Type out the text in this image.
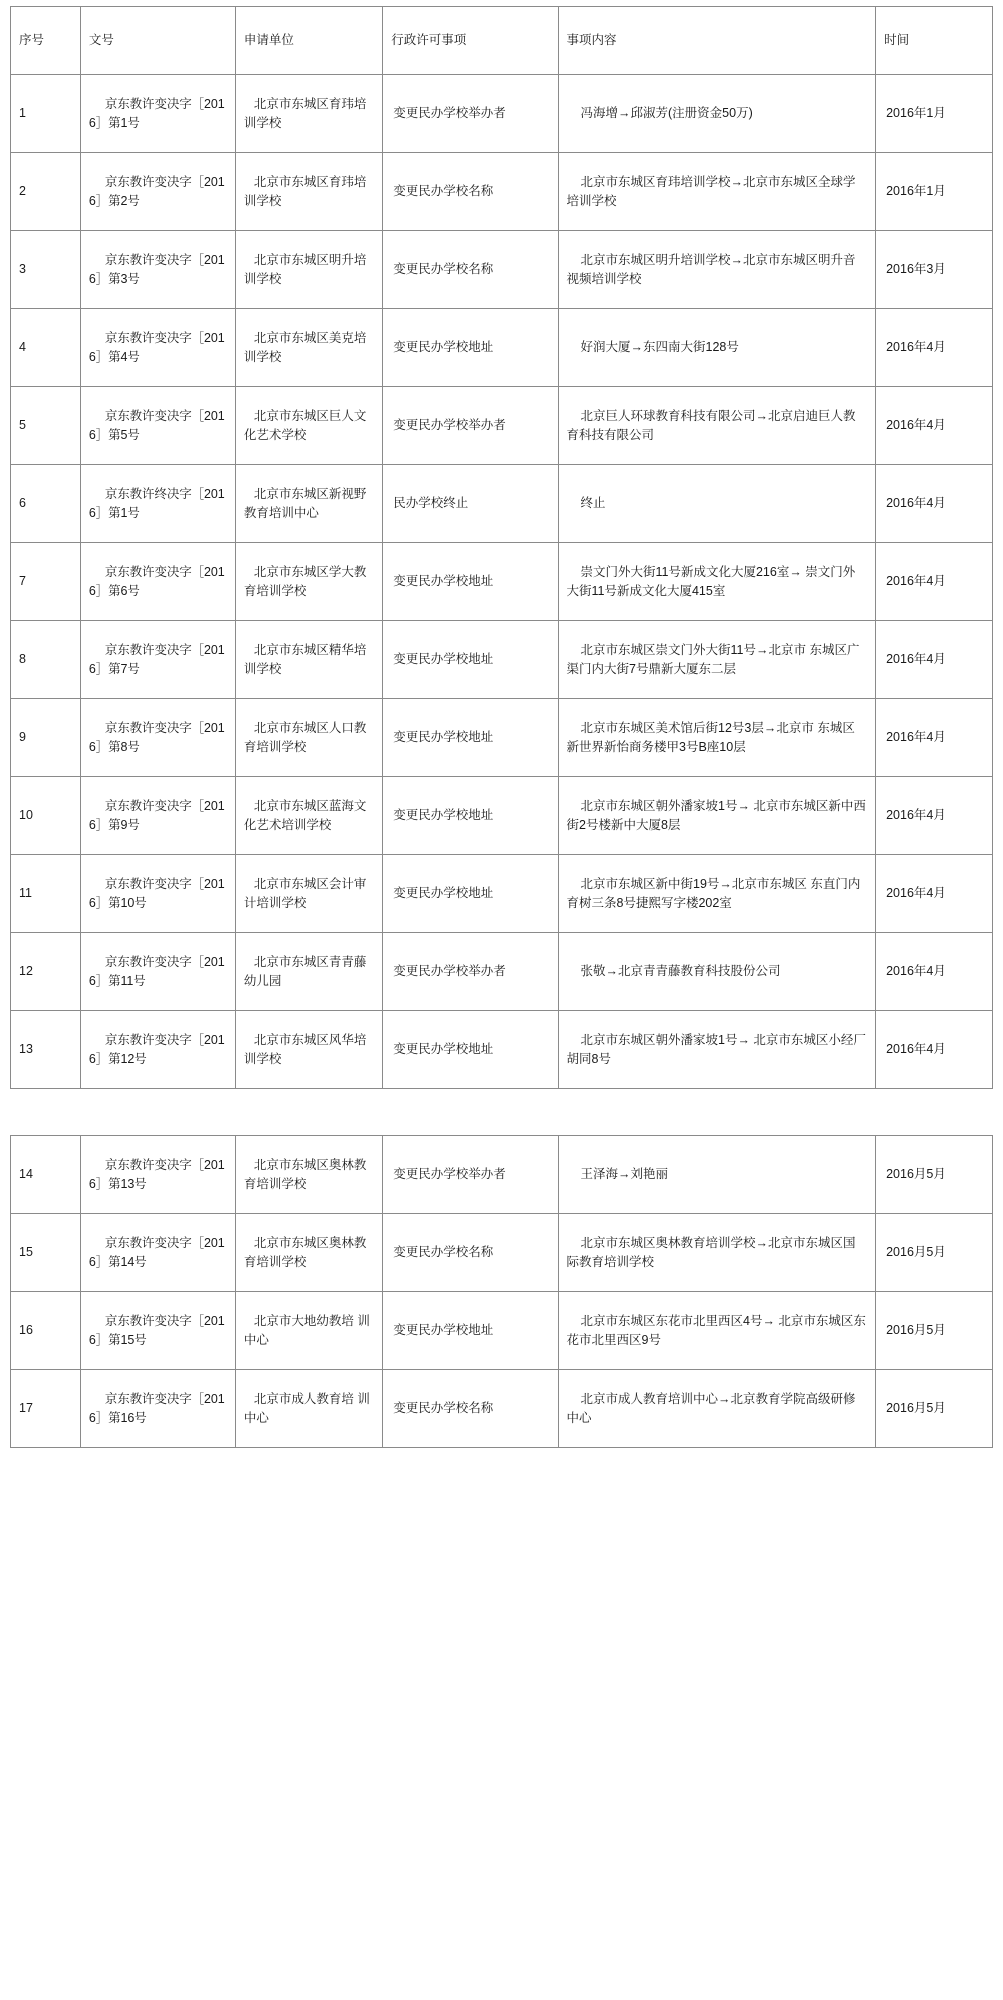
序号	文号	申请单位	行政许可事项	事项内容	时间
1	京东教许变决字［2016］第1号	北京市东城区育玮培训学校	变更民办学校举办者	冯海增→邱淑芳(注册资金50万)	2016年1月
2	京东教许变决字［2016］第2号	北京市东城区育玮培训学校	变更民办学校名称	北京市东城区育玮培训学校→北京市东城区全球学培训学校	2016年1月
3	京东教许变决字［2016］第3号	北京市东城区明升培训学校	变更民办学校名称	北京市东城区明升培训学校→北京市东城区明升音视频培训学校	2016年3月
4	京东教许变决字［2016］第4号	北京市东城区美克培训学校	变更民办学校地址	好润大厦→东四南大街128号	2016年4月
5	京东教许变决字［2016］第5号	北京市东城区巨人文化艺术学校	变更民办学校举办者	北京巨人环球教育科技有限公司→北京启迪巨人教育科技有限公司	2016年4月
6	京东教许终决字［2016］第1号	北京市东城区新视野教育培训中心	民办学校终止	终止	2016年4月
7	京东教许变决字［2016］第6号	北京市东城区学大教育培训学校	变更民办学校地址	崇文门外大街11号新成文化大厦216室→ 崇文门外大街11号新成文化大厦415室	2016年4月
8	京东教许变决字［2016］第7号	北京市东城区精华培训学校	变更民办学校地址	北京市东城区崇文门外大街11号→北京市 东城区广渠门内大街7号鼎新大厦东二层	2016年4月
9	京东教许变决字［2016］第8号	北京市东城区人口教育培训学校	变更民办学校地址	北京市东城区美术馆后街12号3层→北京市 东城区新世界新怡商务楼甲3号B座10层	2016年4月
10	京东教许变决字［2016］第9号	北京市东城区蓝海文化艺术培训学校	变更民办学校地址	北京市东城区朝外潘家坡1号→ 北京市东城区新中西街2号楼新中大厦8层	2016年4月
11	京东教许变决字［2016］第10号	北京市东城区会计审计培训学校	变更民办学校地址	北京市东城区新中街19号→北京市东城区 东直门内育树三条8号捷熙写字楼202室	2016年4月
12	京东教许变决字［2016］第11号	北京市东城区青青藤幼儿园	变更民办学校举办者	张敬→北京青青藤教育科技股份公司	2016年4月
13	京东教许变决字［2016］第12号	北京市东城区风华培训学校	变更民办学校地址	北京市东城区朝外潘家坡1号→ 北京市东城区小经厂胡同8号	2016年4月
14	京东教许变决字［2016］第13号	北京市东城区奥林教育培训学校	变更民办学校举办者	王泽海→刘艳丽	2016月5月
15	京东教许变决字［2016］第14号	北京市东城区奥林教育培训学校	变更民办学校名称	北京市东城区奥林教育培训学校→北京市东城区国际教育培训学校	2016月5月
16	京东教许变决字［2016］第15号	北京市大地幼教培 训中心	变更民办学校地址	北京市东城区东花市北里西区4号→ 北京市东城区东花市北里西区9号	2016月5月
17	京东教许变决字［2016］第16号	北京市成人教育培 训中心	变更民办学校名称	北京市成人教育培训中心→北京教育学院高级研修中心	2016月5月
